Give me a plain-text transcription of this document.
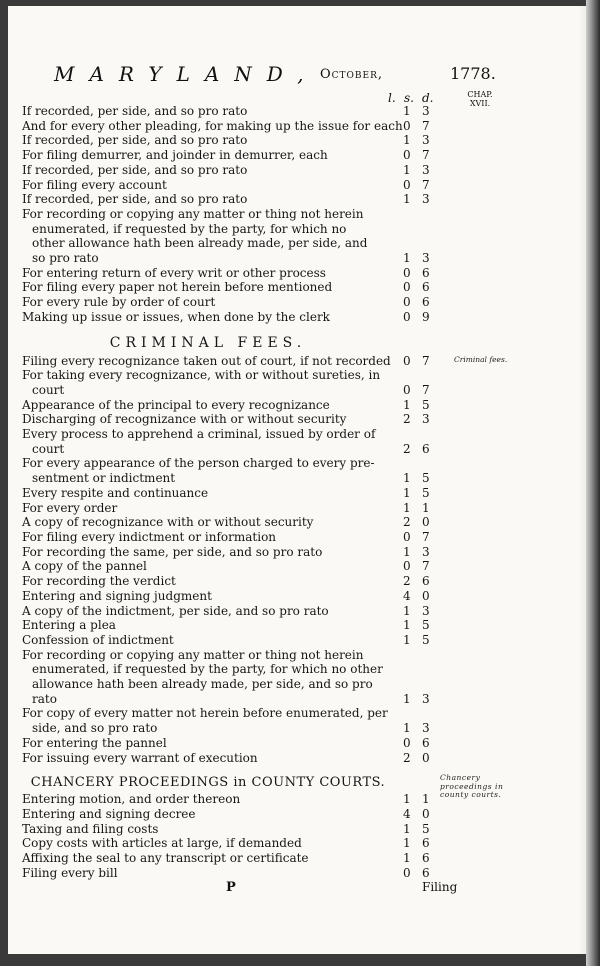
MARYLAND, October,	1778.
l. s. d.	CHAP.
XVII.
If recorded, per side, and so pro rato	1 3
And for every other pleading, for making up the issue for each 0 7
If recorded, per side, and so pro rato	1 3
For filing demurrer, and joinder in demurrer, each	0 7
If recorded, per side, and so pro rato	1 3
For filing every account	0 7
If recorded, per side, and so pro rato	1 3
For recording or copying any matter or thing not herein
enumerated, if requested by the party, for which no
other allowance hath been already made, per side, and
so pro rato	1 3
For entering return of every writ or other process	0 6
For filing every paper not herein before mentioned	0 6
For every rule by order of court	0 6
Making up issue or issues, when done by the clerk	0 9
CRIMINAL FEES.
Filing every recognizance taken out of court, if not recorded 0 7	Criminal fees.
For taking every recognizance, with or without sureties, in
court	0 7
Appearance of the principal to every recognizance	1 5
Discharging of recognizance with or without security	2 3
Every process to apprehend a criminal, issued by order of
court	2 6
For every appearance of the person charged to every pre-
sentment or indictment	1 5
Every respite and continuance	1 5
For every order	1 1
A copy of recognizance with or without security	2 0
For filing every indictment or information	0 7
For recording the same, per side, and so pro rato	1 3
A copy of the pannel	0 7
For recording the verdict	2 6
Entering and signing judgment	4 0
A copy of the indictment, per side, and so pro rato	1 3
Entering a plea	1 5
Confession of indictment	1 5
For recording or copying any matter or thing not herein
enumerated, if requested by the party, for which no other
allowance hath been already made, per side, and so pro
rato	1 3
For copy of every matter not herein before enumerated, per
side, and so pro rato	1 3
For entering the pannel	0 6
For issuing every warrant of execution	2 0
CHANCERY PROCEEDINGS in COUNTY COURTS.	Chancery proceedings in county courts.
Entering motion, and order thereon	1 1
Entering and signing decree	4 0
Taxing and filing costs	1 5
Copy costs with articles at large, if demanded	1 6
Affixing the seal to any transcript or certificate	1 6
Filing every bill	0 6
P	Filing
